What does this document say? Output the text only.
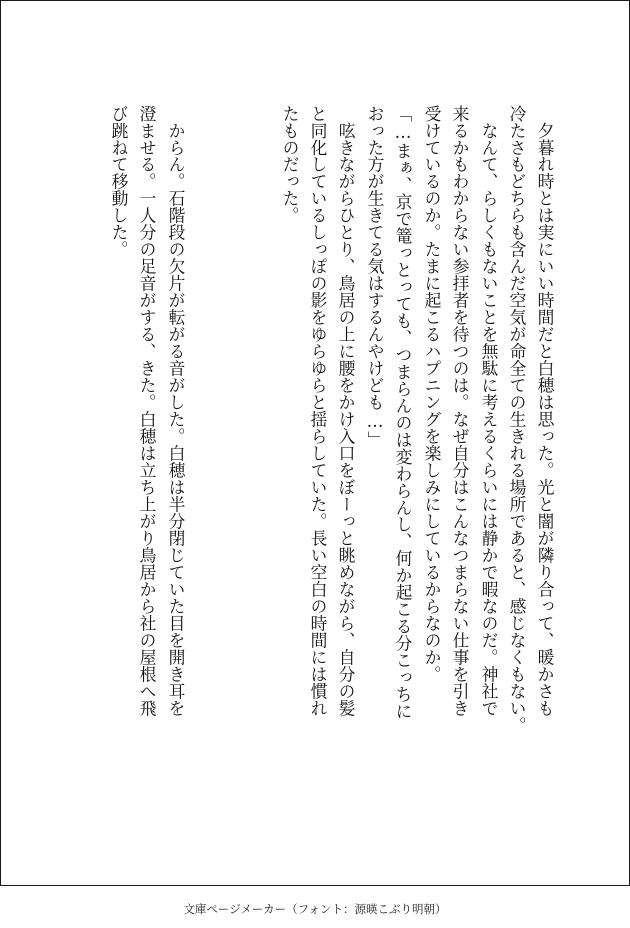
　夕暮れ時とは実にいい時間だと白穂は思った。光と闇が隣り合って、暖かさも
冷たさもどちらも含んだ空気が命全ての生きれる場所であると、感じなくもない。
　なんて、らしくもないことを無駄に考えるくらいには静かで暇なのだ。神社で
来るかもわからない参拝者を待つのは。なぜ自分はこんなつまらない仕事を引き
受けているのか。たまに起こるハプニングを楽しみにしているからなのか。
「…まぁ、京で篭っとっても、つまらんのは変わらんし、何か起こる分こっちに
おった方が生きてる気はするんやけども…」
　呟きながらひとり、鳥居の上に腰をかけ入口をぼーっと眺めながら、自分の髪
と同化しているしっぽの影をゆらゆらと揺らしていた。長い空白の時間には慣れ
たものだった。
　からん。石階段の欠片が転がる音がした。白穂は半分閉じていた目を開き耳を
澄ませる。一人分の足音がする、きた。白穂は立ち上がり鳥居から社の屋根へ飛
び跳ねて移動した。
文庫ページメーカー（フォント：源暎こぶり明朝）
